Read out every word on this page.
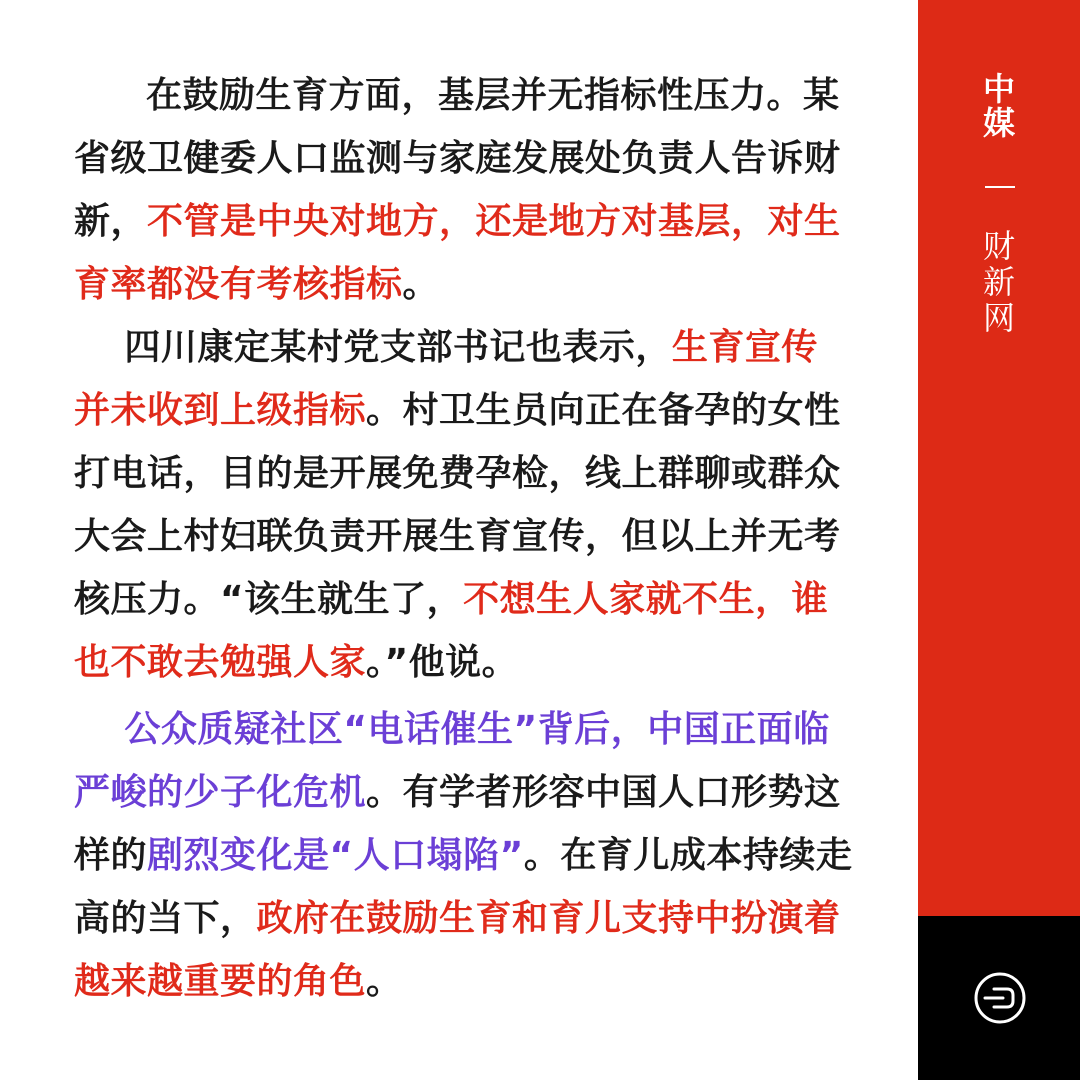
在鼓励生育方面，基层并无指标性压力。某省级卫健委人口监测与家庭发展处负责人告诉财新，不管是中央对地方，还是地方对基层，对生育率都没有考核指标。

四川康定某村党支部书记也表示，生育宣传并未收到上级指标。村卫生员向正在备孕的女性打电话，目的是开展免费孕检，线上群聊或群众大会上村妇联负责开展生育宣传，但以上并无考核压力。“该生就生了，不想生人家就不生，谁也不敢去勉强人家。”他说。

公众质疑社区“电话催生”背后，中国正面临严峻的少子化危机。有学者形容中国人口形势这样的剧烈变化是“人口塌陷”。在育儿成本持续走高的当下，政府在鼓励生育和育儿支持中扮演着越来越重要的角色。

中
媒
财
新
网
